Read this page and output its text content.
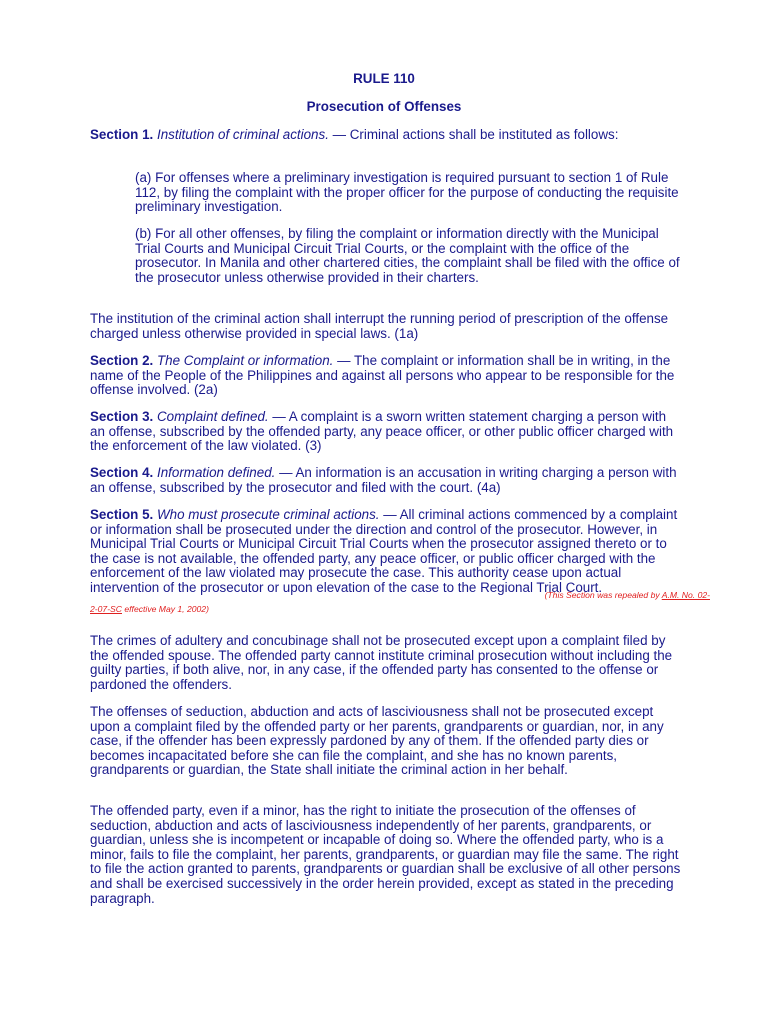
RULE 110
Prosecution of Offenses

Section 1. Institution of criminal actions. — Criminal actions shall be instituted as follows:

(a) For offenses where a preliminary investigation is required pursuant to section 1 of Rule 112, by filing the complaint with the proper officer for the purpose of conducting the requisite preliminary investigation.

(b) For all other offenses, by filing the complaint or information directly with the Municipal Trial Courts and Municipal Circuit Trial Courts, or the complaint with the office of the prosecutor. In Manila and other chartered cities, the complaint shall be filed with the office of the prosecutor unless otherwise provided in their charters.

The institution of the criminal action shall interrupt the running period of prescription of the offense charged unless otherwise provided in special laws. (1a)

Section 2. The Complaint or information. — The complaint or information shall be in writing, in the name of the People of the Philippines and against all persons who appear to be responsible for the offense involved. (2a)

Section 3. Complaint defined. — A complaint is a sworn written statement charging a person with an offense, subscribed by the offended party, any peace officer, or other public officer charged with the enforcement of the law violated. (3)

Section 4. Information defined. — An information is an accusation in writing charging a person with an offense, subscribed by the prosecutor and filed with the court. (4a)

Section 5. Who must prosecute criminal actions. — All criminal actions commenced by a complaint or information shall be prosecuted under the direction and control of the prosecutor. However, in Municipal Trial Courts or Municipal Circuit Trial Courts when the prosecutor assigned thereto or to the case is not available, the offended party, any peace officer, or public officer charged with the enforcement of the law violated may prosecute the case. This authority cease upon actual intervention of the prosecutor or upon elevation of the case to the Regional Trial Court.

(This Section was repealed by A.M. No. 02-
2-07-SC effective May 1, 2002)

The crimes of adultery and concubinage shall not be prosecuted except upon a complaint filed by the offended spouse. The offended party cannot institute criminal prosecution without including the guilty parties, if both alive, nor, in any case, if the offended party has consented to the offense or pardoned the offenders.

The offenses of seduction, abduction and acts of lasciviousness shall not be prosecuted except upon a complaint filed by the offended party or her parents, grandparents or guardian, nor, in any case, if the offender has been expressly pardoned by any of them. If the offended party dies or becomes incapacitated before she can file the complaint, and she has no known parents, grandparents or guardian, the State shall initiate the criminal action in her behalf.

The offended party, even if a minor, has the right to initiate the prosecution of the offenses of seduction, abduction and acts of lasciviousness independently of her parents, grandparents, or guardian, unless she is incompetent or incapable of doing so. Where the offended party, who is a minor, fails to file the complaint, her parents, grandparents, or guardian may file the same. The right to file the action granted to parents, grandparents or guardian shall be exclusive of all other persons and shall be exercised successively in the order herein provided, except as stated in the preceding paragraph.
